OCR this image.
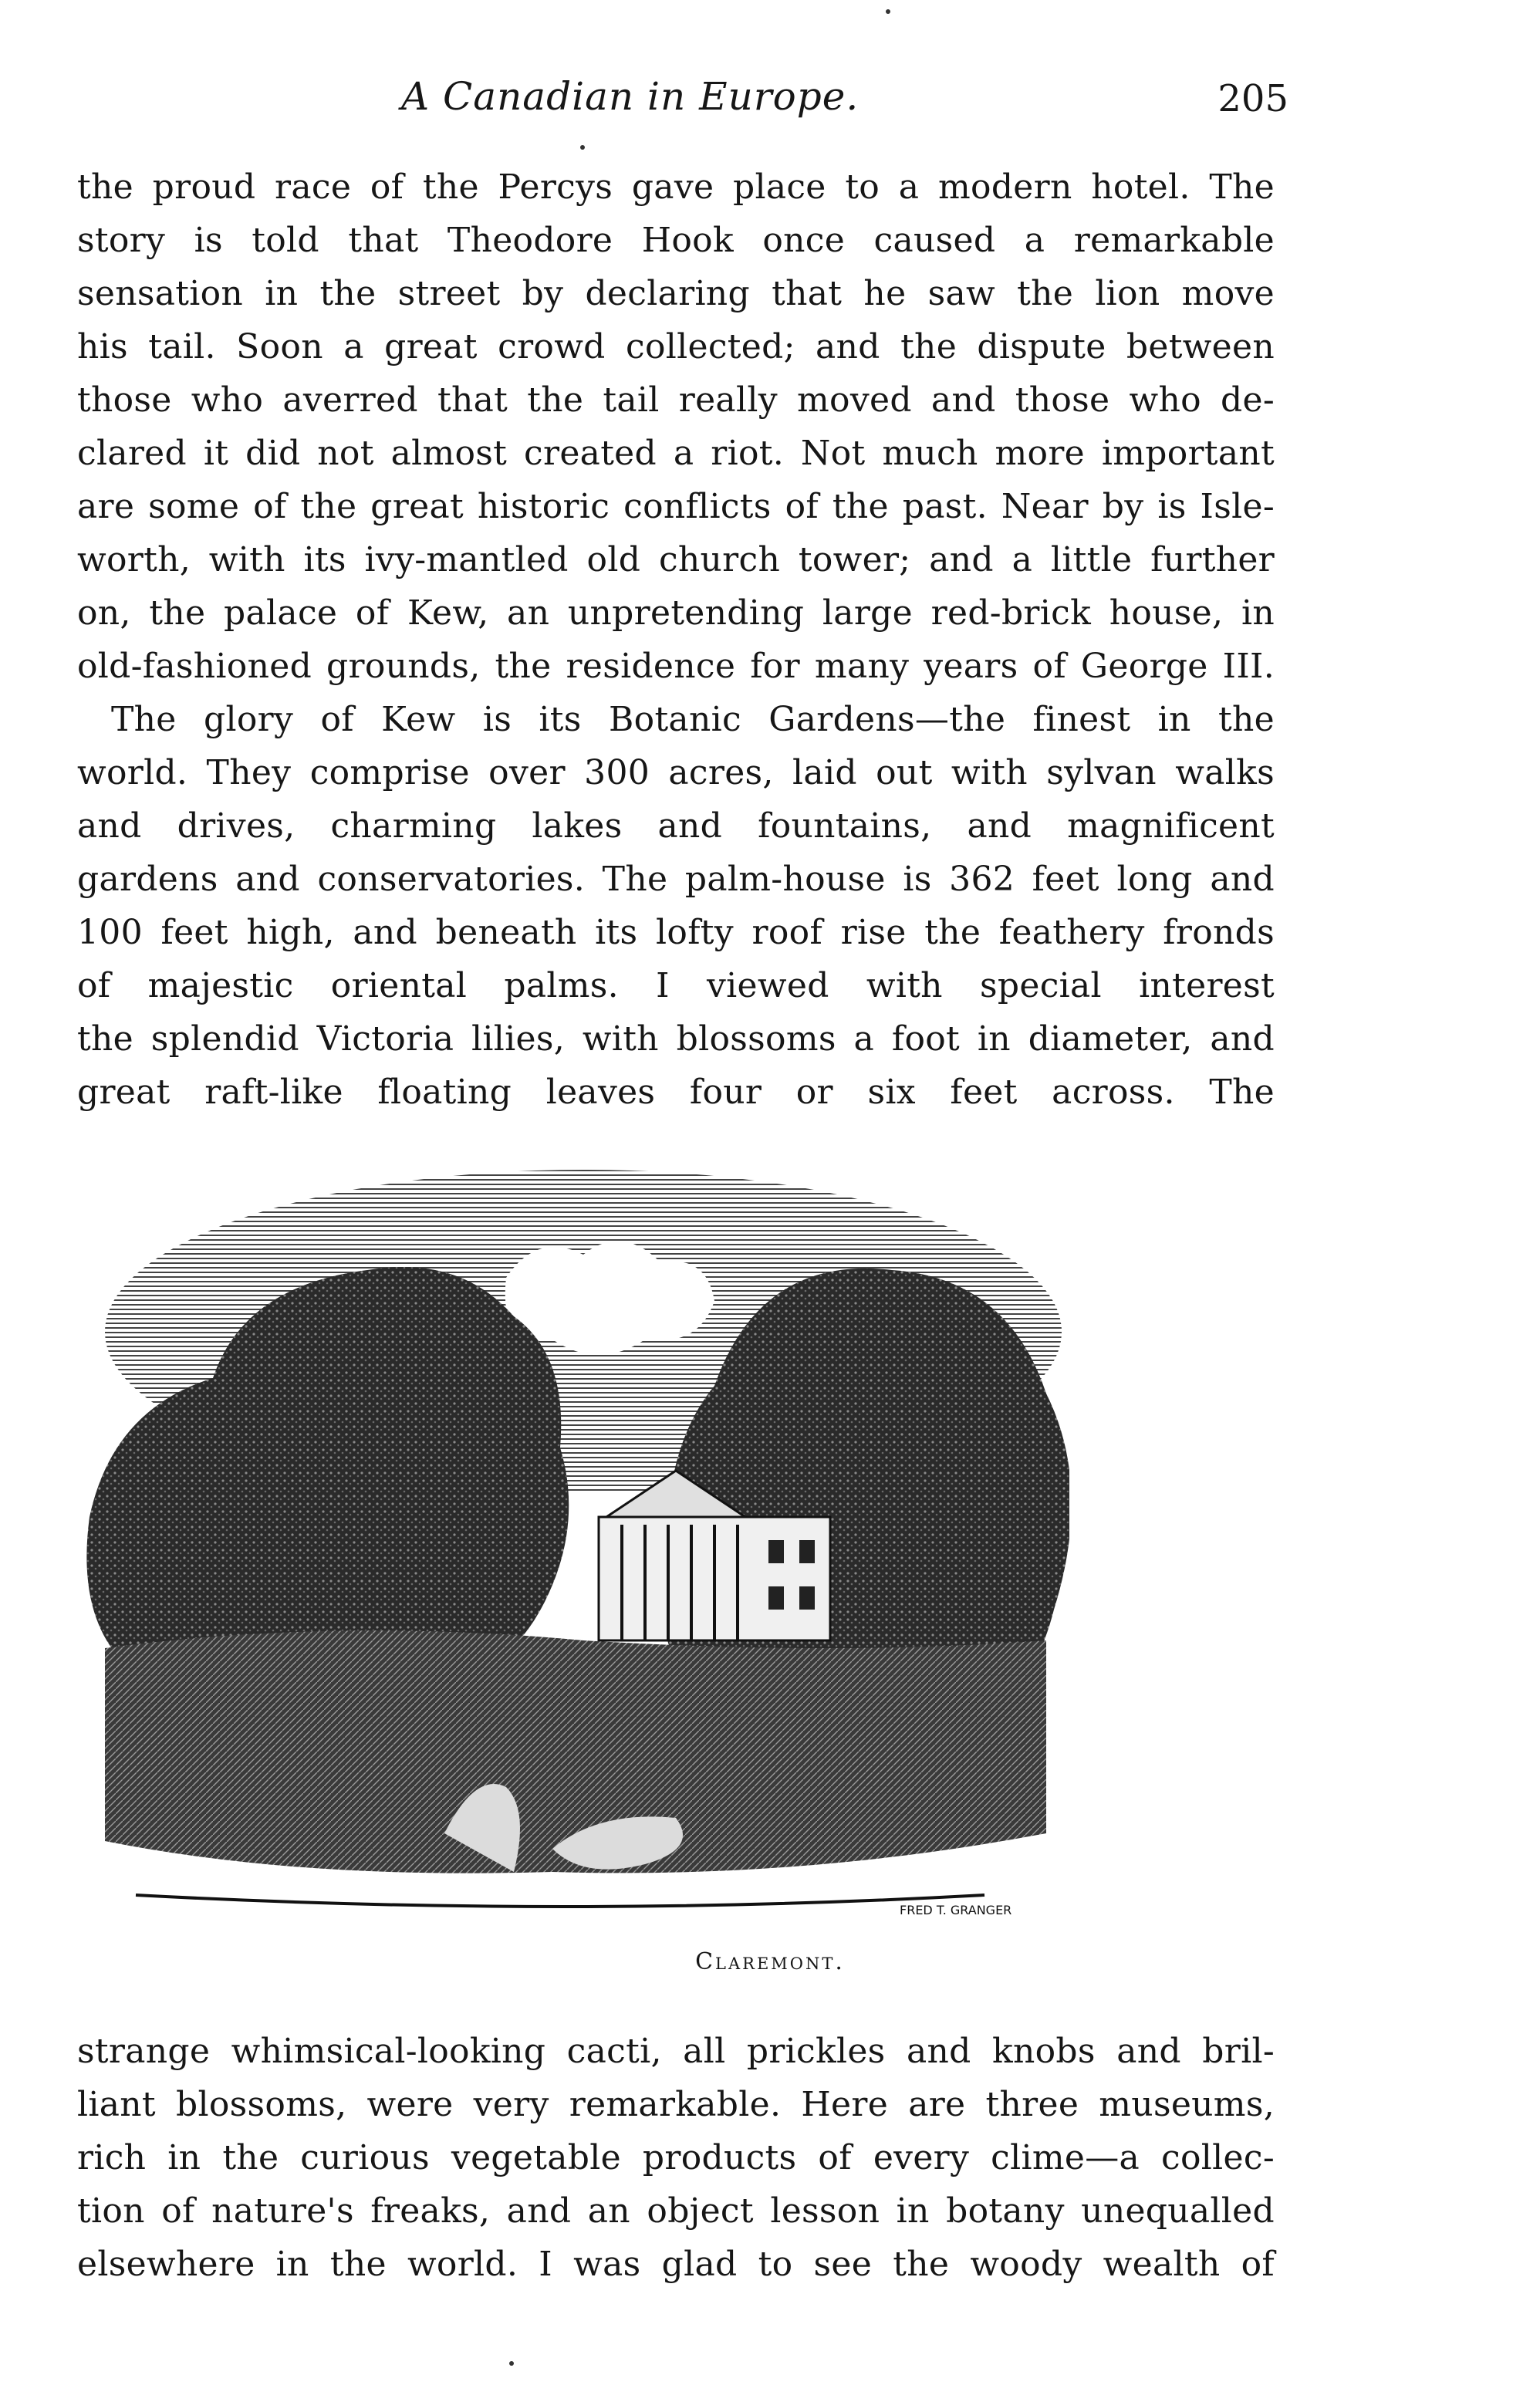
A Canadian in Europe.	205
the proud race of the Percys gave place to a modern hotel. The
story is told that Theodore Hook once caused a remarkable
sensation in the street by declaring that he saw the lion move
his tail. Soon a great crowd collected; and the dispute between
those who averred that the tail really moved and those who de-
clared it did not almost created a riot. Not much more important
are some of the great historic conflicts of the past. Near by is Isle-
worth, with its ivy-mantled old church tower; and a little further
on, the palace of Kew, an unpretending large red-brick house, in
old-fashioned grounds, the residence for many years of George III.
The glory of Kew is its Botanic Gardens—the finest in the
world. They comprise over 300 acres, laid out with sylvan walks
and drives, charming lakes and fountains, and magnificent
gardens and conservatories. The palm-house is 362 feet long and
100 feet high, and beneath its lofty roof rise the feathery fronds
of majestic oriental palms. I viewed with special interest
the splendid Victoria lilies, with blossoms a foot in diameter, and
great raft-like floating leaves four or six feet across. The
FRED T. GRANGER
Claremont.
strange whimsical-looking cacti, all prickles and knobs and bril-
liant blossoms, were very remarkable. Here are three museums,
rich in the curious vegetable products of every clime—a collec-
tion of nature's freaks, and an object lesson in botany unequalled
elsewhere in the world. I was glad to see the woody wealth of
